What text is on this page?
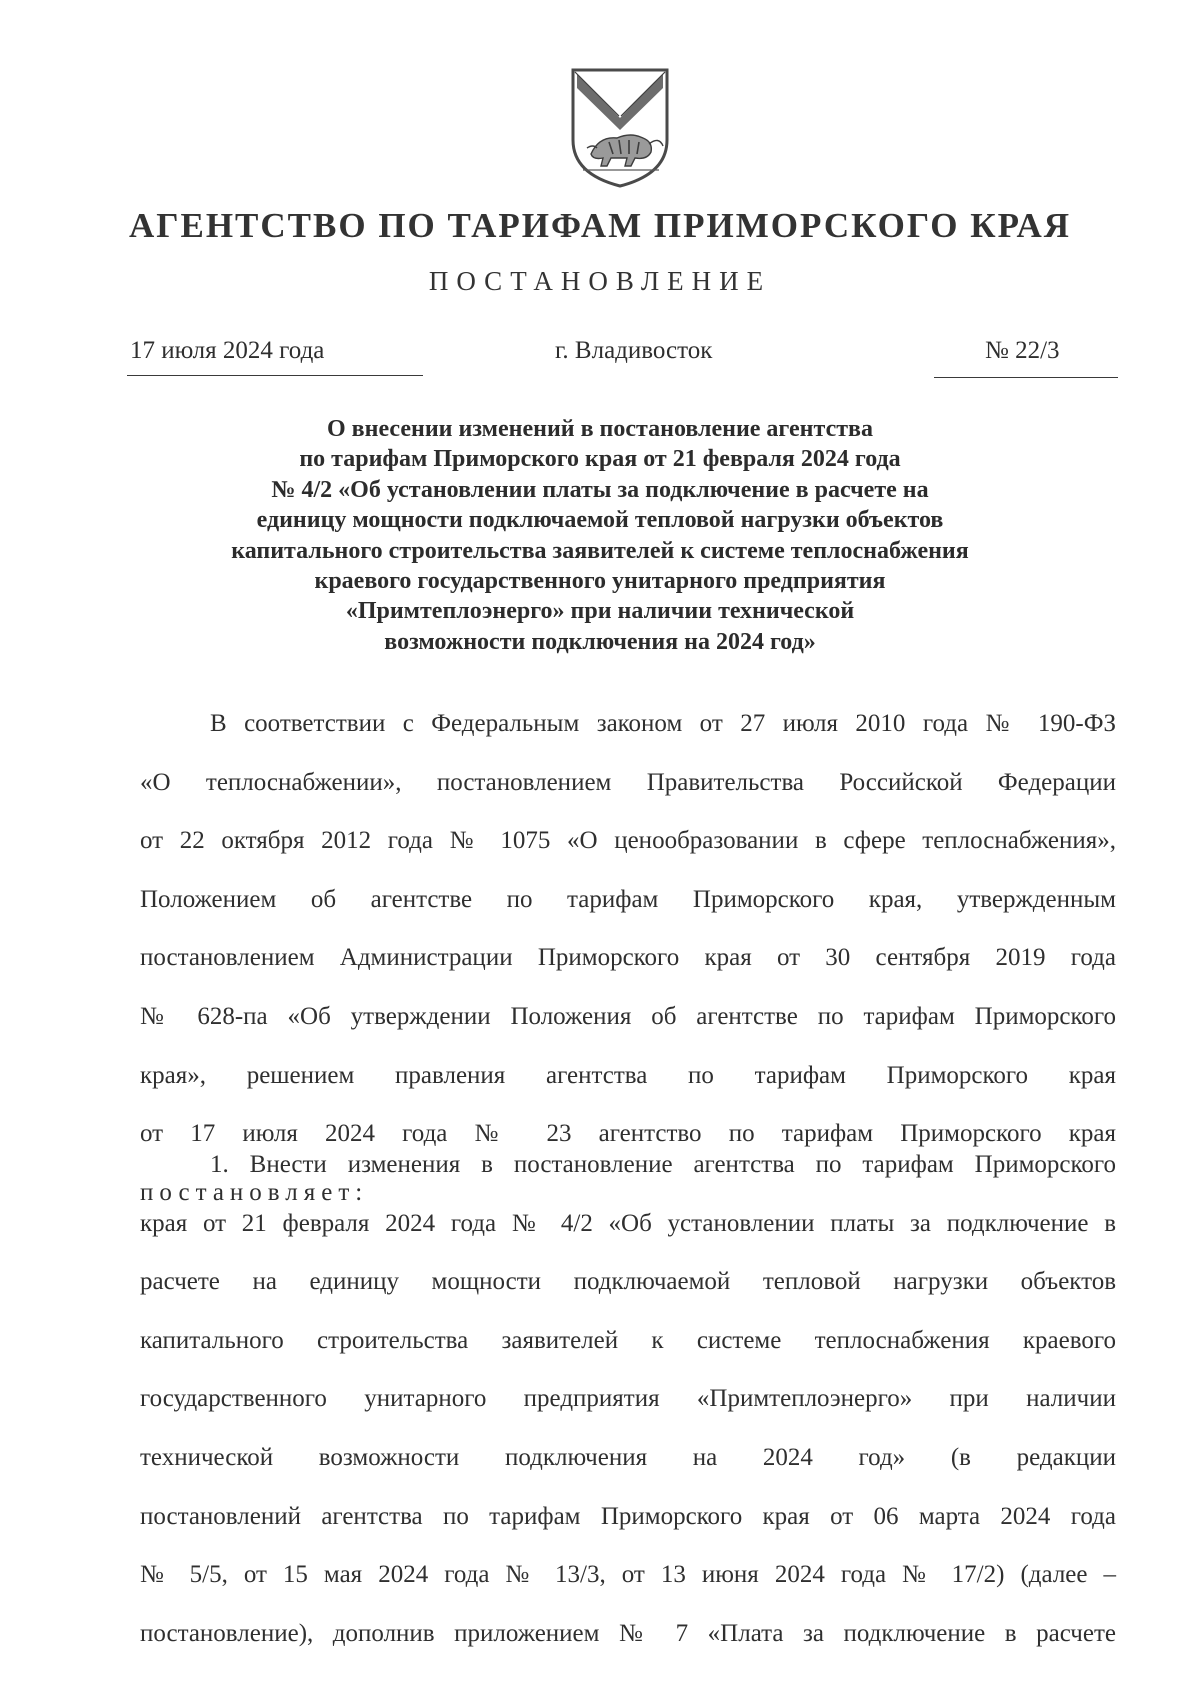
АГЕНТСТВО ПО ТАРИФАМ ПРИМОРСКОГО КРАЯ
ПОСТАНОВЛЕНИЕ
17 июля 2024 года	г. Владивосток	№ 22/3
О внесении изменений в постановление агентства
по тарифам Приморского края от 21 февраля 2024 года
№ 4/2 «Об установлении платы за подключение в расчете на
единицу мощности подключаемой тепловой нагрузки объектов
капитального строительства заявителей к системе теплоснабжения
краевого государственного унитарного предприятия
«Примтеплоэнерго» при наличии технической
возможности подключения на 2024 год»
В соответствии с Федеральным законом от 27 июля 2010 года № 190-ФЗ
«О теплоснабжении», постановлением Правительства Российской Федерации
от 22 октября 2012 года № 1075 «О ценообразовании в сфере теплоснабжения»,
Положением об агентстве по тарифам Приморского края, утвержденным
постановлением Администрации Приморского края от 30 сентября 2019 года
№ 628-па «Об утверждении Положения об агентстве по тарифам Приморского
края», решением правления агентства по тарифам Приморского края
от 17 июля 2024 года № 23 агентство по тарифам Приморского края
постановляет:
1. Внести изменения в постановление агентства по тарифам Приморского
края от 21 февраля 2024 года № 4/2 «Об установлении платы за подключение в
расчете на единицу мощности подключаемой тепловой нагрузки объектов
капитального строительства заявителей к системе теплоснабжения краевого
государственного унитарного предприятия «Примтеплоэнерго» при наличии
технической возможности подключения на 2024 год» (в редакции
постановлений агентства по тарифам Приморского края от 06 марта 2024 года
№ 5/5, от 15 мая 2024 года № 13/3, от 13 июня 2024 года № 17/2) (далее –
постановление), дополнив приложением № 7 «Плата за подключение в расчете
